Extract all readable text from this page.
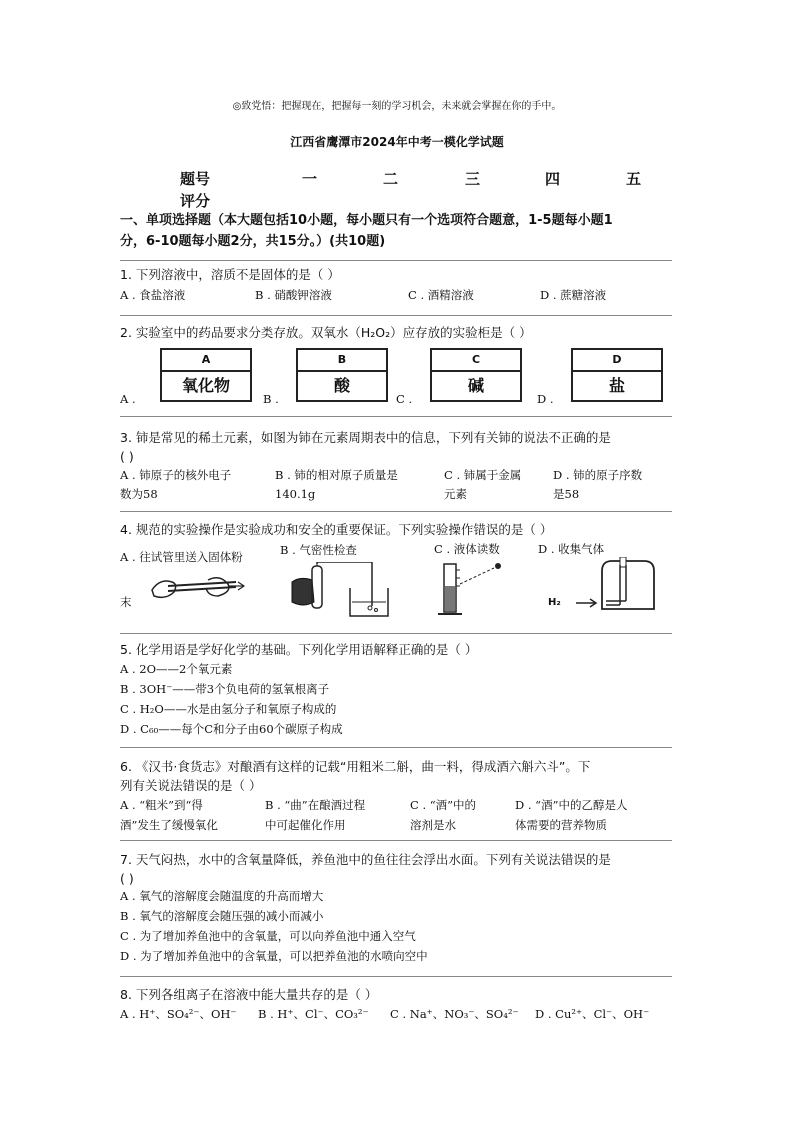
◎致党悟：把握现在，把握每一刻的学习机会，未来就会掌握在你的手中。
江西省鹰潭市2024年中考一模化学试题
题号	一	二	三	四	五
评分
一、单项选择题（本大题包括10小题，每小题只有一个选项符合题意，1-5题每小题1
分，6-10题每小题2分，共15分。）(共10题)
1. 下列溶液中，溶质不是固体的是（ ）
A . 食盐溶液	B . 硝酸钾溶液	C . 酒精溶液	D . 蔗糖溶液
2. 实验室中的药品要求分类存放。双氧水（H₂O₂）应存放的实验柜是（ ）
A .
A
氧化物
B .
B
酸
C .
C
碱
D .
D
盐
3. 铈是常见的稀土元素，如图为铈在元素周期表中的信息，下列有关铈的说法不正确的是
( )
A . 铈原子的核外电子
数为58
B . 铈的相对原子质量是
140.1g
C . 铈属于金属
元素
D . 铈的原子序数
是58
4. 规范的实验操作是实验成功和安全的重要保证。下列实验操作错误的是（ ）
A . 往试管里送入固体粉
末
B . 气密性检查	C . 液体读数	D . 收集气体
H₂
5. 化学用语是学好化学的基础。下列化学用语解释正确的是（ ）
A . 2O——2个氧元素
B . 3OH⁻——带3个负电荷的氢氧根离子
C . H₂O——水是由氢分子和氧原子构成的
D . C₆₀——每个C和分子由60个碳原子构成
6. 《汉书·食货志》对酿酒有这样的记载“用粗米二斛，曲一料，得成酒六斛六斗”。下
列有关说法错误的是（ ）
A . “粗米”到“得
酒”发生了缓慢氧化
B . “曲”在酿酒过程
中可起催化作用
C . “酒”中的
溶剂是水
D . “酒”中的乙醇是人
体需要的营养物质
7. 天气闷热，水中的含氧量降低，养鱼池中的鱼往往会浮出水面。下列有关说法错误的是
( )
A . 氧气的溶解度会随温度的升高而增大
B . 氧气的溶解度会随压强的减小而减小
C . 为了增加养鱼池中的含氧量，可以向养鱼池中通入空气
D . 为了增加养鱼池中的含氧量，可以把养鱼池的水喷向空中
8. 下列各组离子在溶液中能大量共存的是（ ）
A . H⁺、SO₄²⁻、OH⁻ B . H⁺、Cl⁻、CO₃²⁻ C . Na⁺、NO₃⁻、SO₄²⁻ D . Cu²⁺、Cl⁻、OH⁻
